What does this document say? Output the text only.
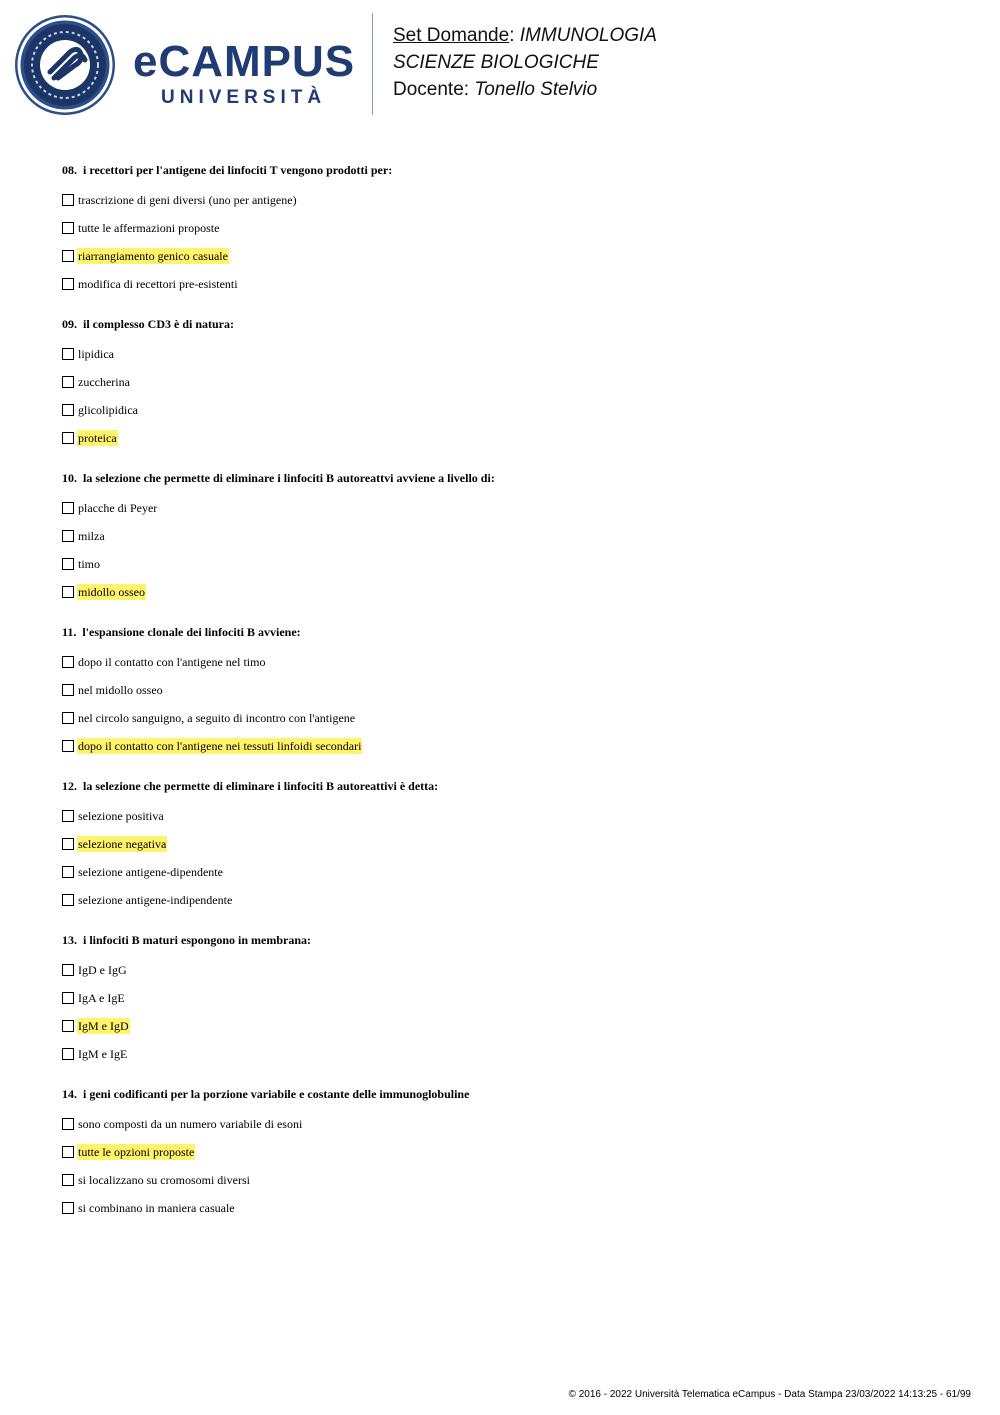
eCAMPUS
UNIVERSITÀ
Set Domande: IMMUNOLOGIA
SCIENZE BIOLOGICHE
Docente: Tonello Stelvio
08. i recettori per l'antigene dei linfociti T vengono prodotti per:
trascrizione di geni diversi (uno per antigene)
tutte le affermazioni proposte
riarrangiamento genico casuale
modifica di recettori pre-esistenti
09. il complesso CD3 è di natura:
lipidica
zuccherina
glicolipidica
proteica
10. la selezione che permette di eliminare i linfociti B autoreattvi avviene a livello di:
placche di Peyer
milza
timo
midollo osseo
11. l'espansione clonale dei linfociti B avviene:
dopo il contatto con l'antigene nel timo
nel midollo osseo
nel circolo sanguigno, a seguito di incontro con l'antigene
dopo il contatto con l'antigene nei tessuti linfoidi secondari
12. la selezione che permette di eliminare i linfociti B autoreattivi è detta:
selezione positiva
selezione negativa
selezione antigene-dipendente
selezione antigene-indipendente
13. i linfociti B maturi espongono in membrana:
IgD e IgG
IgA e IgE
IgM e IgD
IgM e IgE
14. i geni codificanti per la porzione variabile e costante delle immunoglobuline
sono composti da un numero variabile di esoni
tutte le opzioni proposte
si localizzano su cromosomi diversi
si combinano in maniera casuale
© 2016 - 2022 Università Telematica eCampus - Data Stampa 23/03/2022 14:13:25 - 61/99
